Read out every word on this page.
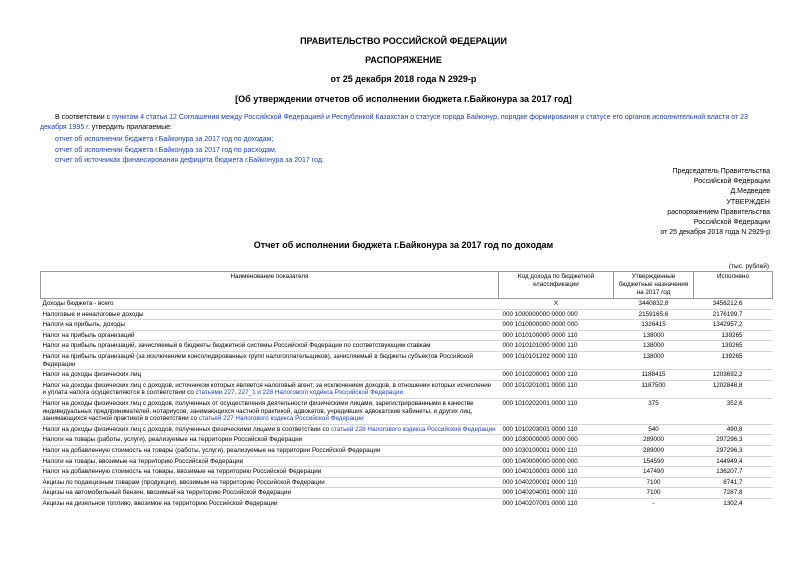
ПРАВИТЕЛЬСТВО РОССИЙСКОЙ ФЕДЕРАЦИИ
РАСПОРЯЖЕНИЕ
от 25 декабря 2018 года N 2929-р
[Об утверждении отчетов об исполнении бюджета г.Байконура за 2017 год]
В соответствии с пунктом 4 статьи 12 Соглашения между Российской Федерацией и Республикой Казахстан о статусе города Байконур, порядке формирования и статусе его органов исполнительной власти от 23 декабря 1995 г. утвердить прилагаемые:
отчет об исполнении бюджета г.Байконура за 2017 год по доходам;
отчет об исполнении бюджета г.Байконура за 2017 год по расходам;
отчет об источниках финансирования дефицита бюджета г.Байконура за 2017 год.
Председатель Правительства
Российской Федерации
Д.Медведев
УТВЕРЖДЕН
распоряжением Правительства
Российской Федерации
от 25 декабря 2018 года N 2929-р
Отчет об исполнении бюджета г.Байконура за 2017 год по доходам
(тыс. рублей)
Наименование показателя	Код дохода по бюджетной классификации	Утвержденные бюджетные назначения на 2017 год	Исполнено
Доходы бюджета - всего	X	3440832,8	3456212,6
Налоговые и неналоговые доходы	000 1000000000 0000 000	2159165,6	2176199,7
Налоги на прибыль, доходы	000 1010000000 0000 000	1326415	1342957,2
Налог на прибыль организаций	000 1010100000 0000 110	138000	139265
Налог на прибыль организаций, зачисляемый в бюджеты бюджетной системы Российской Федерации по соответствующим ставкам	000 1010101000 0000 110	138000	139265
Налог на прибыль организаций (за исключением консолидированных групп налогоплательщиков), зачисляемый в бюджеты субъектов Российской Федерации	000 1010101202 0000 110	138000	139265
Налог на доходы физических лиц	000 1010200001 0000 110	1188415	1203692,2
Налог на доходы физических лиц с доходов, источником которых является налоговый агент, за исключением доходов, в отношении которых исчисление и уплата налога осуществляются в соответствии со статьями 227, 227_1 и 228 Налогового кодекса Российской Федерации	000 1010201001 0000 110	1187500	1202848,8
Налог на доходы физических лиц с доходов, полученных от осуществления деятельности физическими лицами, зарегистрированными в качестве индивидуальных предпринимателей, нотариусов, занимающихся частной практикой, адвокатов, учредивших адвокатские кабинеты, и других лиц, занимающихся частной практикой в соответствии со статьей 227 Налогового кодекса Российской Федерации	000 1010202001 0000 110	375	352,6
Налог на доходы физических лиц с доходов, полученных физическими лицами в соответствии со статьей 228 Налогового кодекса Российской Федерации	000 1010203001 0000 110	540	490,8
Налоги на товары (работы, услуги), реализуемые на территории Российской Федерации	000 1030000000 0000 000	289000	297296,3
Налог на добавленную стоимость на товары (работы, услуги), реализуемые на территории Российской Федерации	000 1030100001 0000 110	289000	297296,3
Налоги на товары, ввозимые на территорию Российской Федерации	000 1040000000 0000 000	154590	144949,4
Налог на добавленную стоимость на товары, ввозимые на территорию Российской Федерации	000 1040100001 0000 110	147490	136207,7
Акцизы по подакцизным товарам (продукции), ввозимым на территорию Российской Федерации	000 1040200001 0000 110	7100	8741,7
Акцизы на автомобильный бензин, ввозимый на территорию Российской Федерации	000 1040204001 0000 110	7100	7287,8
Акцизы на дизельное топливо, ввозимое на территорию Российской Федерации	000 1040207001 0000 110	-	1302,4
